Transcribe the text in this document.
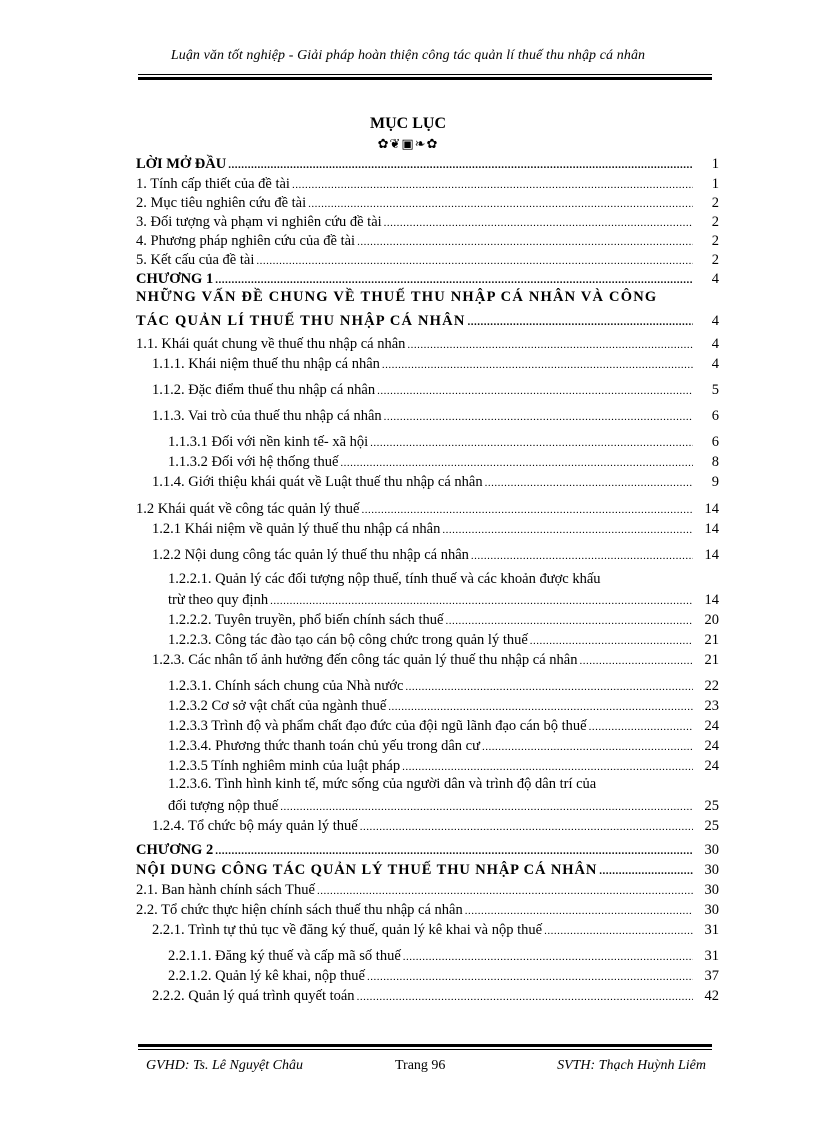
Luận văn tốt nghiệp - Giải pháp hoàn thiện công tác quản lí thuế thu nhập cá nhân
MỤC LỤC
✿❦▣❧✿
LỜI MỞ ĐẦU .....	1
1. Tính cấp thiết của đề tài .....	1
2. Mục tiêu nghiên cứu đề tài .....	2
3. Đối tượng và phạm vi nghiên cứu đề tài .....	2
4. Phương pháp nghiên cứu của đề tài .....	2
5. Kết cấu của đề tài .....	2
CHƯƠNG 1 .....	4
NHỮNG VẤN ĐỀ CHUNG VỀ THUẾ THU NHẬP CÁ NHÂN VÀ CÔNG
TÁC QUẢN LÍ THUẾ THU NHẬP CÁ NHÂN .....	4
1.1. Khái quát chung về thuế thu nhập cá nhân .....	4
1.1.1. Khái niệm thuế thu nhập cá nhân .....	4
1.1.2. Đặc điểm thuế thu nhập cá nhân .....	5
1.1.3. Vai trò của thuế thu nhập cá nhân .....	6
1.1.3.1 Đối với nền kinh tế- xã hội .....	6
1.1.3.2 Đối với hệ thống thuế .....	8
1.1.4. Giới thiệu khái quát về Luật thuế thu nhập cá nhân .....	9
1.2 Khái quát về công tác quản lý thuế .....	14
1.2.1 Khái niệm về quản lý thuế thu nhập cá nhân .....	14
1.2.2 Nội dung công tác quản lý thuế thu nhập cá nhân .....	14
1.2.2.1. Quản lý các đối tượng nộp thuế, tính thuế và các khoản được khấu
trừ theo quy định .....	14
1.2.2.2. Tuyên truyền, phổ biến chính sách thuế .....	20
1.2.2.3. Công tác đào tạo cán bộ công chức trong quản lý thuế .....	21
1.2.3. Các nhân tố ảnh hưởng đến công tác quản lý thuế thu nhập cá nhân .....	21
1.2.3.1. Chính sách chung của Nhà nước .....	22
1.2.3.2 Cơ sở vật chất của ngành thuế .....	23
1.2.3.3 Trình độ và phẩm chất đạo đức của đội ngũ lãnh đạo cán bộ thuế .....	24
1.2.3.4. Phương thức thanh toán chủ yếu trong dân cư .....	24
1.2.3.5 Tính nghiêm minh của luật pháp .....	24
1.2.3.6. Tình hình kinh tế, mức sống của người dân và trình độ dân trí của
đối tượng nộp thuế .....	25
1.2.4. Tổ chức bộ máy quản lý thuế .....	25
CHƯƠNG 2 .....	30
NỘI DUNG CÔNG TÁC QUẢN LÝ THUẾ THU NHẬP CÁ NHÂN .....	30
2.1. Ban hành chính sách Thuế .....	30
2.2. Tổ chức thực hiện chính sách thuế thu nhập cá nhân .....	30
2.2.1. Trình tự thủ tục về đăng ký thuế, quản lý kê khai và nộp thuế .....	31
2.2.1.1. Đăng ký thuế và cấp mã số thuế .....	31
2.2.1.2. Quản lý kê khai, nộp thuế .....	37
2.2.2. Quản lý quá trình quyết toán .....	42
GVHD: Ts. Lê Nguyệt Châu	Trang 96	SVTH: Thạch Huỳnh Liêm
